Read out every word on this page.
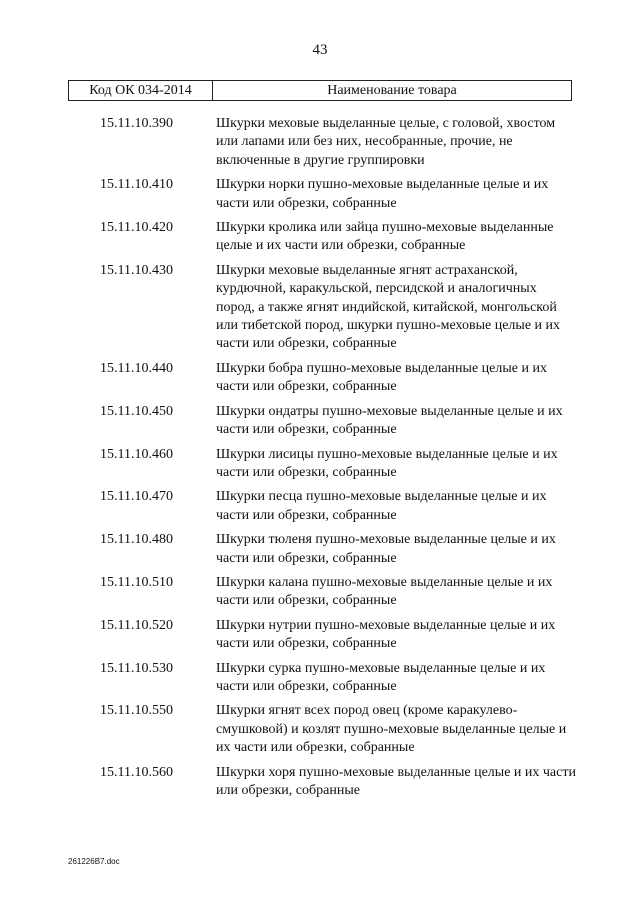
43
Код ОК 034-2014	Наименование товара
15.11.10.390	Шкурки меховые выделанные целые, с головой, хвостом или лапами или без них, несобранные, прочие, не включенные в другие группировки
15.11.10.410	Шкурки норки пушно-меховые выделанные целые и их части или обрезки, собранные
15.11.10.420	Шкурки кролика или зайца пушно-меховые выделанные целые и их части или обрезки, собранные
15.11.10.430	Шкурки меховые выделанные ягнят астраханской, курдючной, каракульской, персидской и аналогичных пород, а также ягнят индийской, китайской, монгольской или тибетской пород, шкурки пушно-меховые целые и их части или обрезки, собранные
15.11.10.440	Шкурки бобра пушно-меховые выделанные целые и их части или обрезки, собранные
15.11.10.450	Шкурки ондатры пушно-меховые выделанные целые и их части или обрезки, собранные
15.11.10.460	Шкурки лисицы пушно-меховые выделанные целые и их части или обрезки, собранные
15.11.10.470	Шкурки песца пушно-меховые выделанные целые и их части или обрезки, собранные
15.11.10.480	Шкурки тюленя пушно-меховые выделанные целые и их части или обрезки, собранные
15.11.10.510	Шкурки калана пушно-меховые выделанные целые и их части или обрезки, собранные
15.11.10.520	Шкурки нутрии пушно-меховые выделанные целые и их части или обрезки, собранные
15.11.10.530	Шкурки сурка пушно-меховые выделанные целые и их части или обрезки, собранные
15.11.10.550	Шкурки ягнят всех пород овец (кроме каракулево-смушковой) и козлят пушно-меховые выделанные целые и их части или обрезки, собранные
15.11.10.560	Шкурки хоря пушно-меховые выделанные целые и их части или обрезки, собранные
261226B7.doc
